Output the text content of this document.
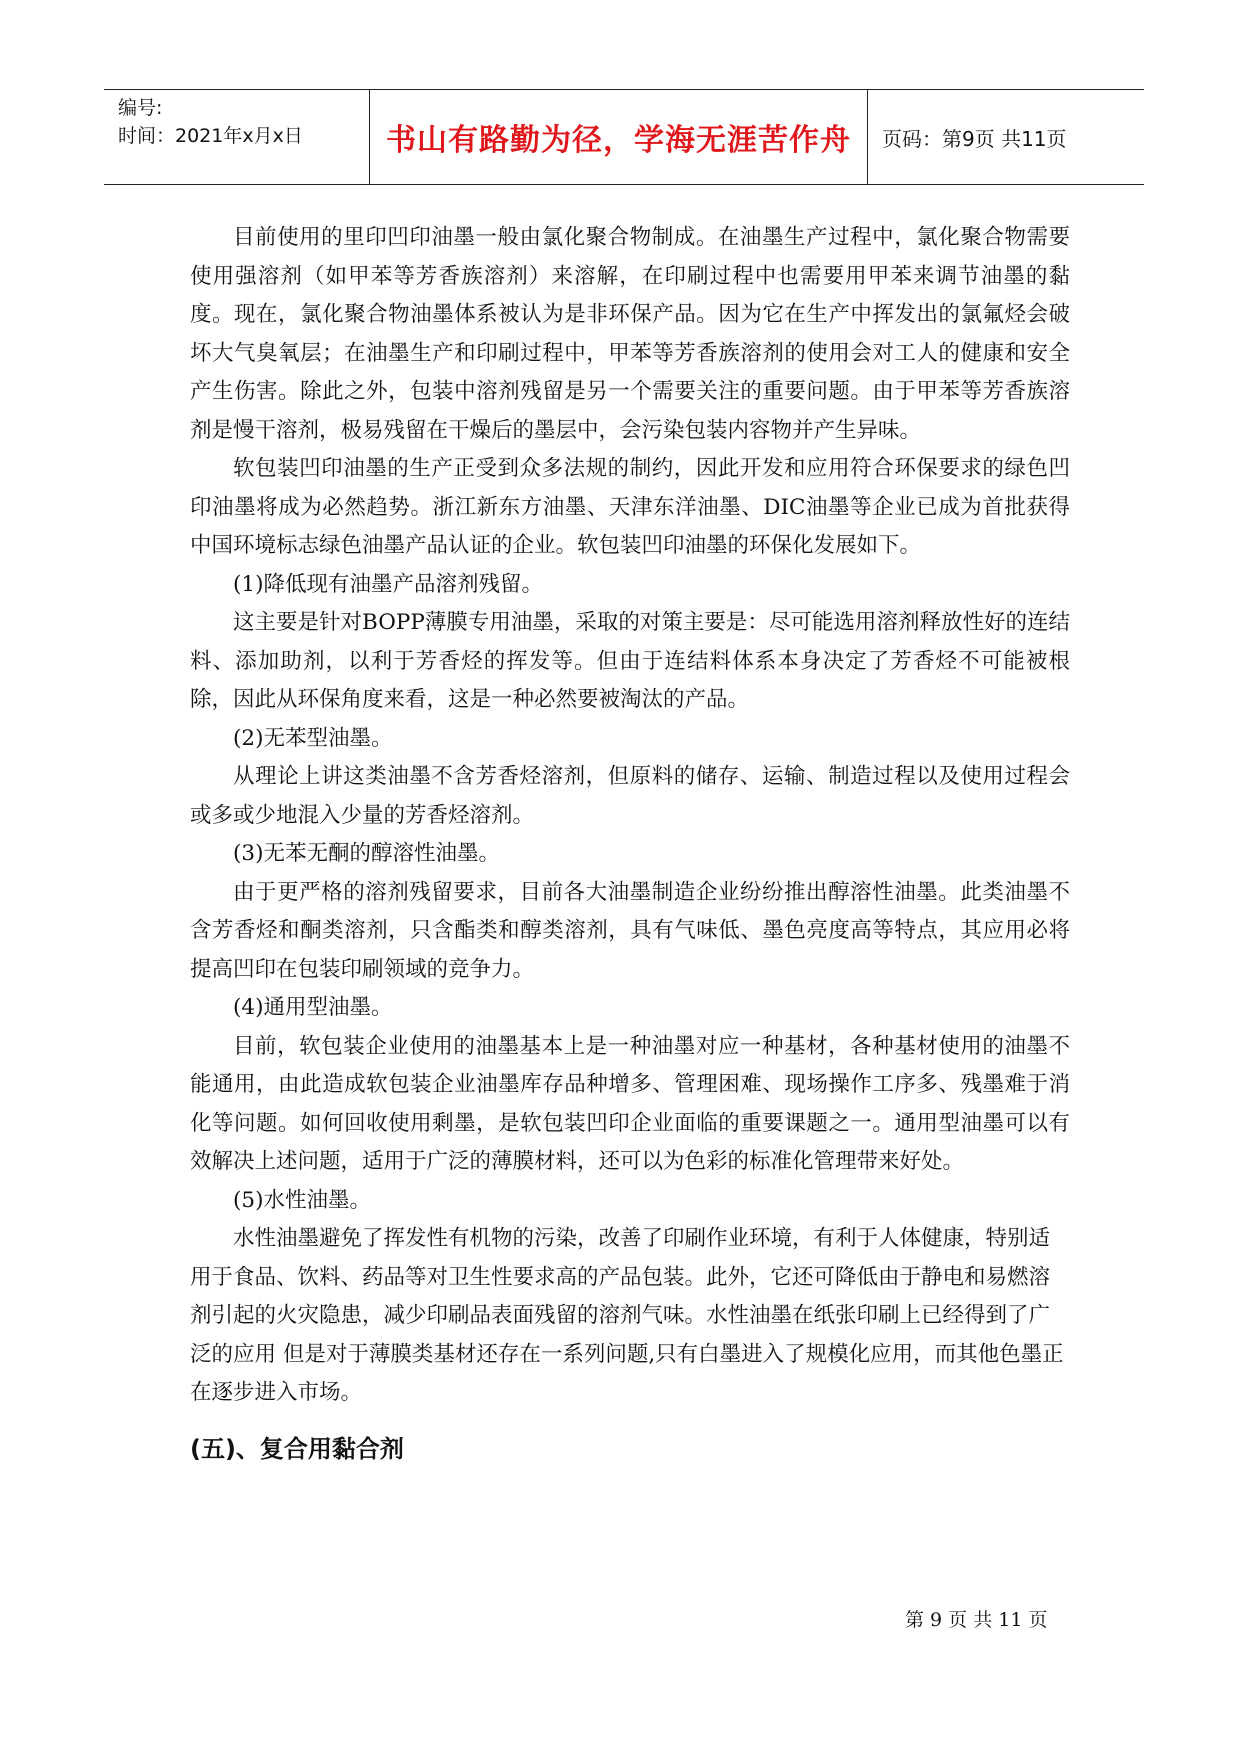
编号:
时间：2021年x月x日	书山有路勤为径，学海无涯苦作舟	页码：第9页 共11页

目前使用的里印凹印油墨一般由氯化聚合物制成。在油墨生产过程中，氯化聚合物需要使用强溶剂（如甲苯等芳香族溶剂）来溶解，在印刷过程中也需要用甲苯来调节油墨的黏度。现在，氯化聚合物油墨体系被认为是非环保产品。因为它在生产中挥发出的氯氟烃会破坏大气臭氧层；在油墨生产和印刷过程中，甲苯等芳香族溶剂的使用会对工人的健康和安全产生伤害。除此之外，包装中溶剂残留是另一个需要关注的重要问题。由于甲苯等芳香族溶剂是慢干溶剂，极易残留在干燥后的墨层中，会污染包装内容物并产生异味。

软包装凹印油墨的生产正受到众多法规的制约，因此开发和应用符合环保要求的绿色凹印油墨将成为必然趋势。浙江新东方油墨、天津东洋油墨、DIC油墨等企业已成为首批获得中国环境标志绿色油墨产品认证的企业。软包装凹印油墨的环保化发展如下。

(1)降低现有油墨产品溶剂残留。

这主要是针对BOPP薄膜专用油墨，采取的对策主要是：尽可能选用溶剂释放性好的连结料、添加助剂，以利于芳香烃的挥发等。但由于连结料体系本身决定了芳香烃不可能被根除，因此从环保角度来看，这是一种必然要被淘汰的产品。

(2)无苯型油墨。

从理论上讲这类油墨不含芳香烃溶剂，但原料的储存、运输、制造过程以及使用过程会或多或少地混入少量的芳香烃溶剂。

(3)无苯无酮的醇溶性油墨。

由于更严格的溶剂残留要求，目前各大油墨制造企业纷纷推出醇溶性油墨。此类油墨不含芳香烃和酮类溶剂，只含酯类和醇类溶剂，具有气味低、墨色亮度高等特点，其应用必将提高凹印在包装印刷领域的竞争力。

(4)通用型油墨。

目前，软包装企业使用的油墨基本上是一种油墨对应一种基材，各种基材使用的油墨不能通用，由此造成软包装企业油墨库存品种增多、管理困难、现场操作工序多、残墨难于消化等问题。如何回收使用剩墨，是软包装凹印企业面临的重要课题之一。通用型油墨可以有效解决上述问题，适用于广泛的薄膜材料，还可以为色彩的标准化管理带来好处。

(5)水性油墨。

水性油墨避免了挥发性有机物的污染，改善了印刷作业环境，有利于人体健康，特别适用于食品、饮料、药品等对卫生性要求高的产品包装。此外，它还可降低由于静电和易燃溶剂引起的火灾隐患，减少印刷品表面残留的溶剂气味。水性油墨在纸张印刷上已经得到了广泛的应用 但是对于薄膜类基材还存在一系列问题,只有白墨进入了规模化应用，而其他色墨正在逐步进入市场。

(五)、复合用黏合剂
第 9 页 共 11 页
